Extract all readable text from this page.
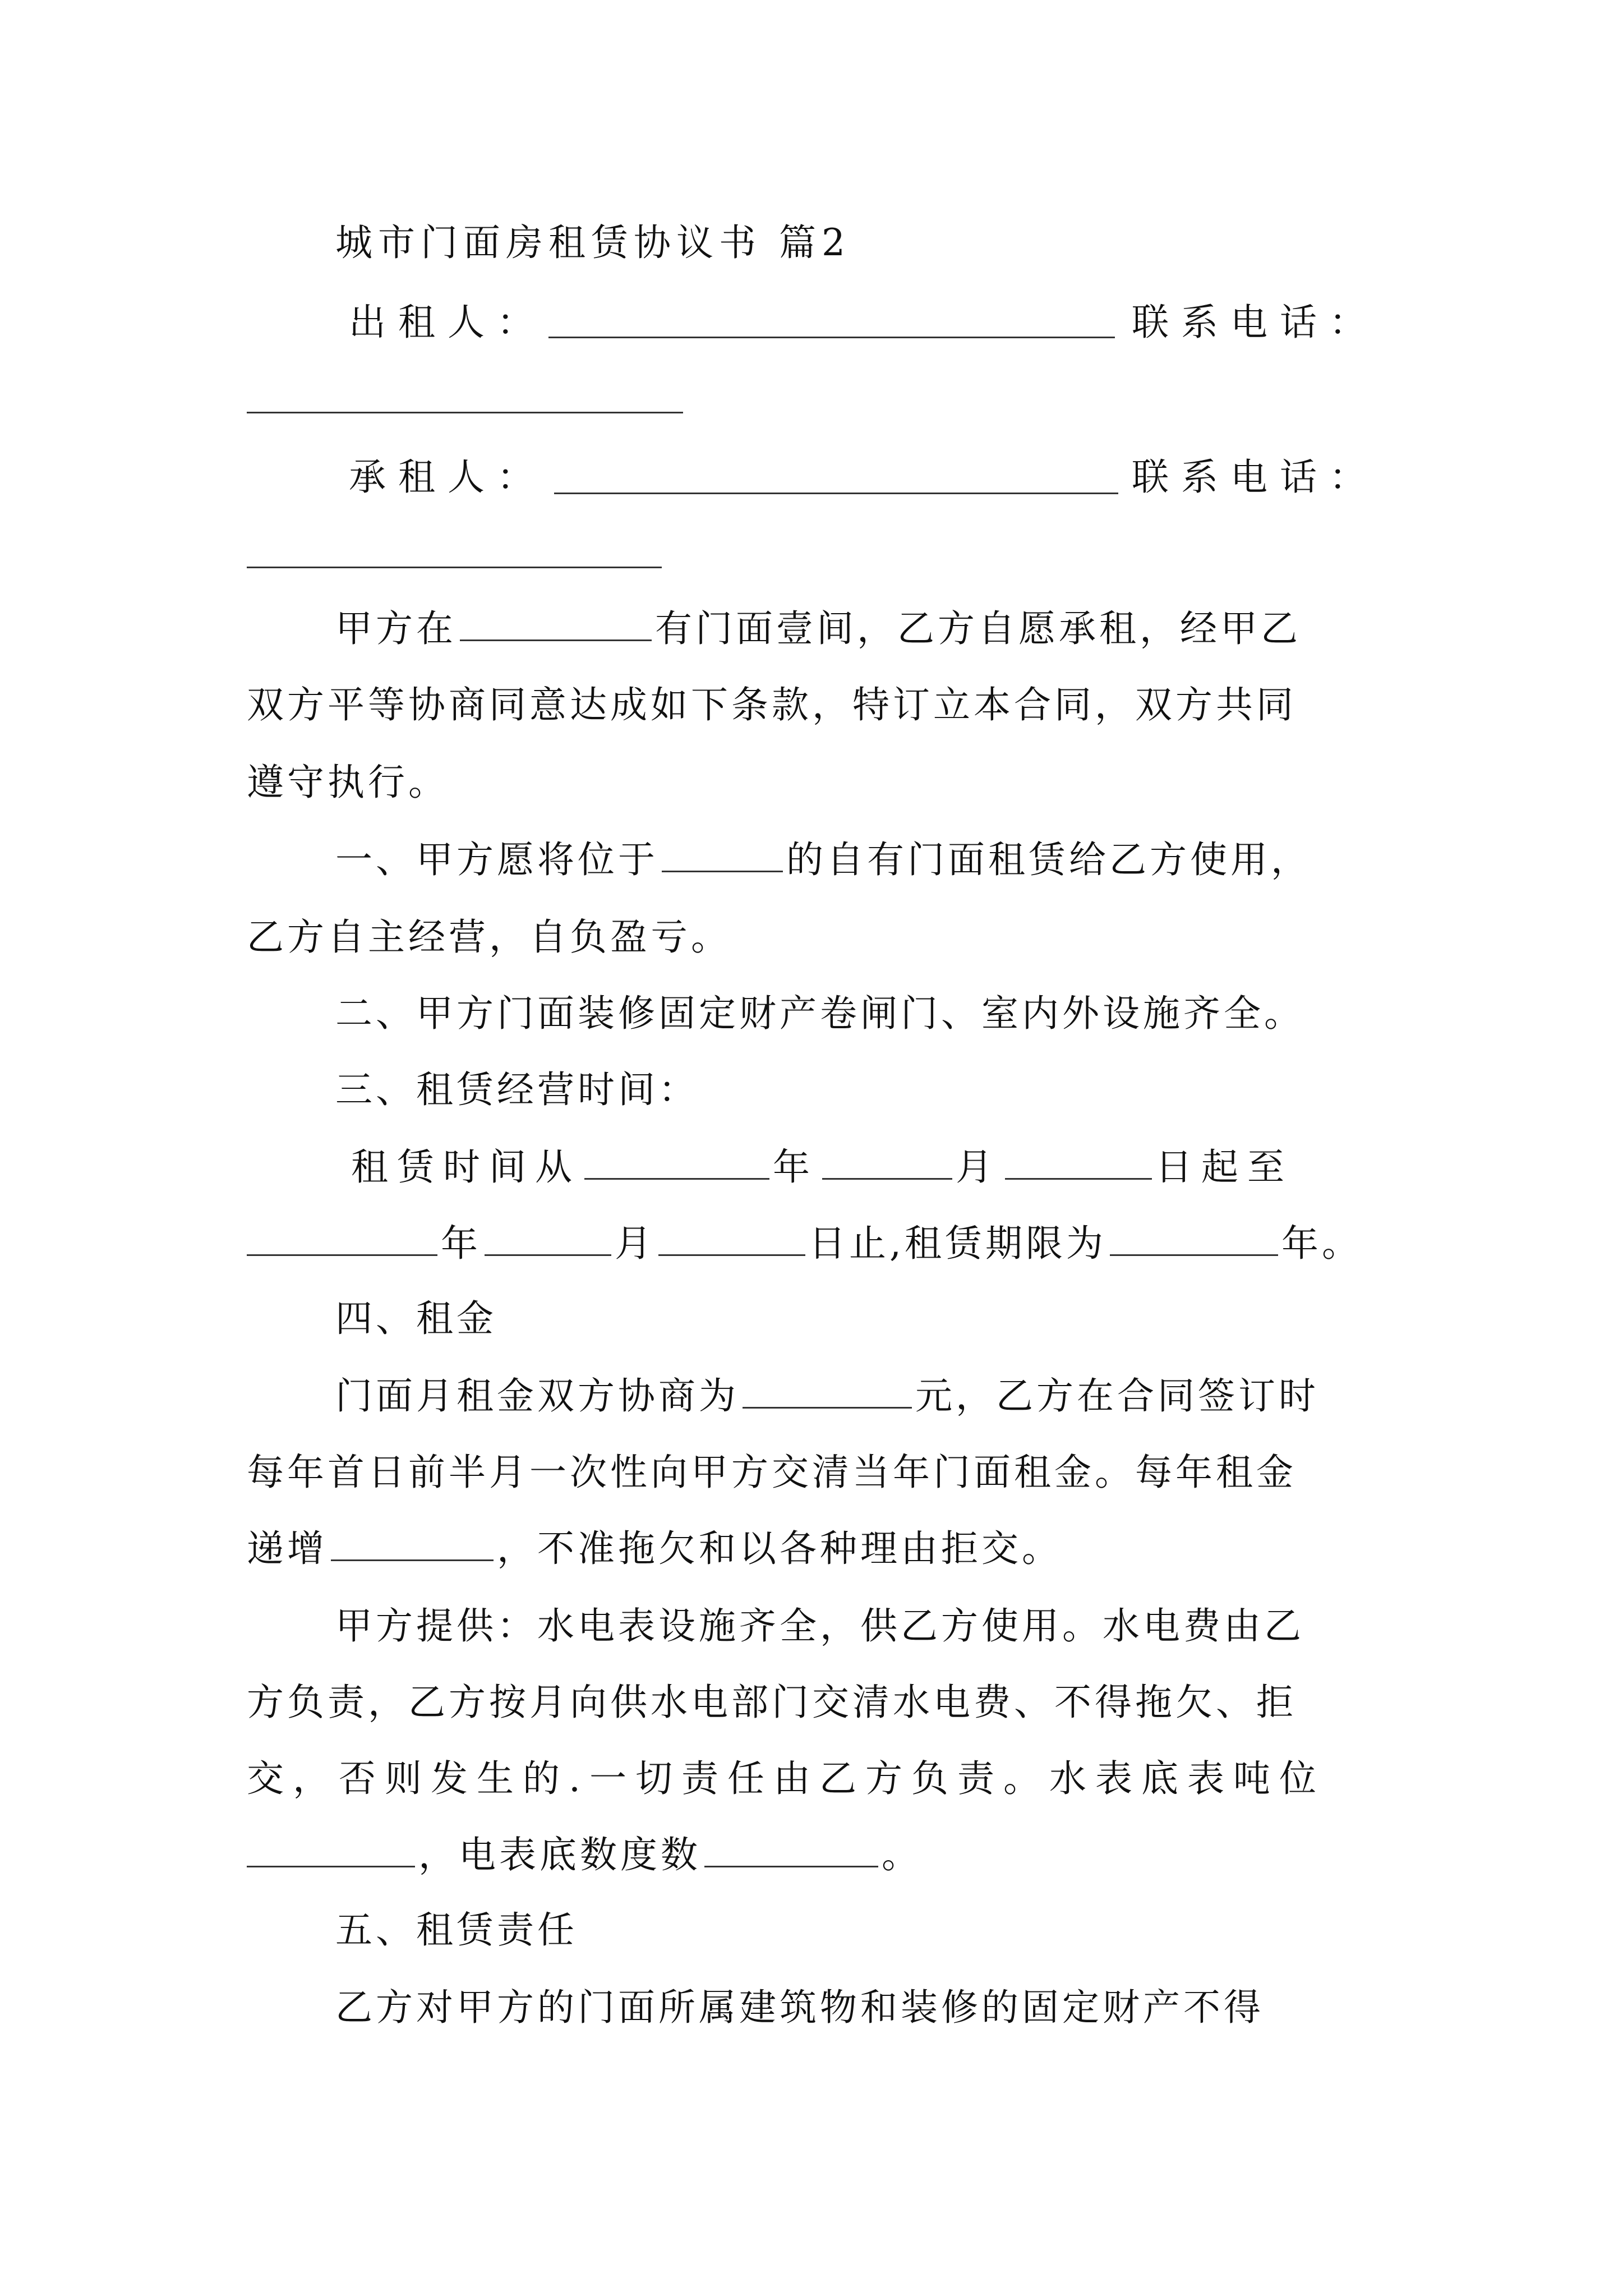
城市门面房租赁协议书 篇2
出租人：	联系电话：
承租人：	联系电话：
甲方在	有门面壹间，乙方自愿承租，经甲乙
双方平等协商同意达成如下条款，特订立本合同，双方共同
遵守执行。
一、甲方愿将位于	的自有门面租赁给乙方使用，
乙方自主经营，自负盈亏。
二、甲方门面装修固定财产卷闸门、室内外设施齐全。
三、租赁经营时间：
租赁时间从	年	月	日起至
年	月	日止,租赁期限为	年。
四、租金
门面月租金双方协商为	元，乙方在合同签订时
每年首日前半月一次性向甲方交清当年门面租金。每年租金
递增	，不准拖欠和以各种理由拒交。
甲方提供：水电表设施齐全，供乙方使用。水电费由乙
方负责，乙方按月向供水电部门交清水电费、不得拖欠、拒
交，否则发生的.一切责任由乙方负责。水表底表吨位
，电表底数度数	。
五、租赁责任
乙方对甲方的门面所属建筑物和装修的固定财产不得
